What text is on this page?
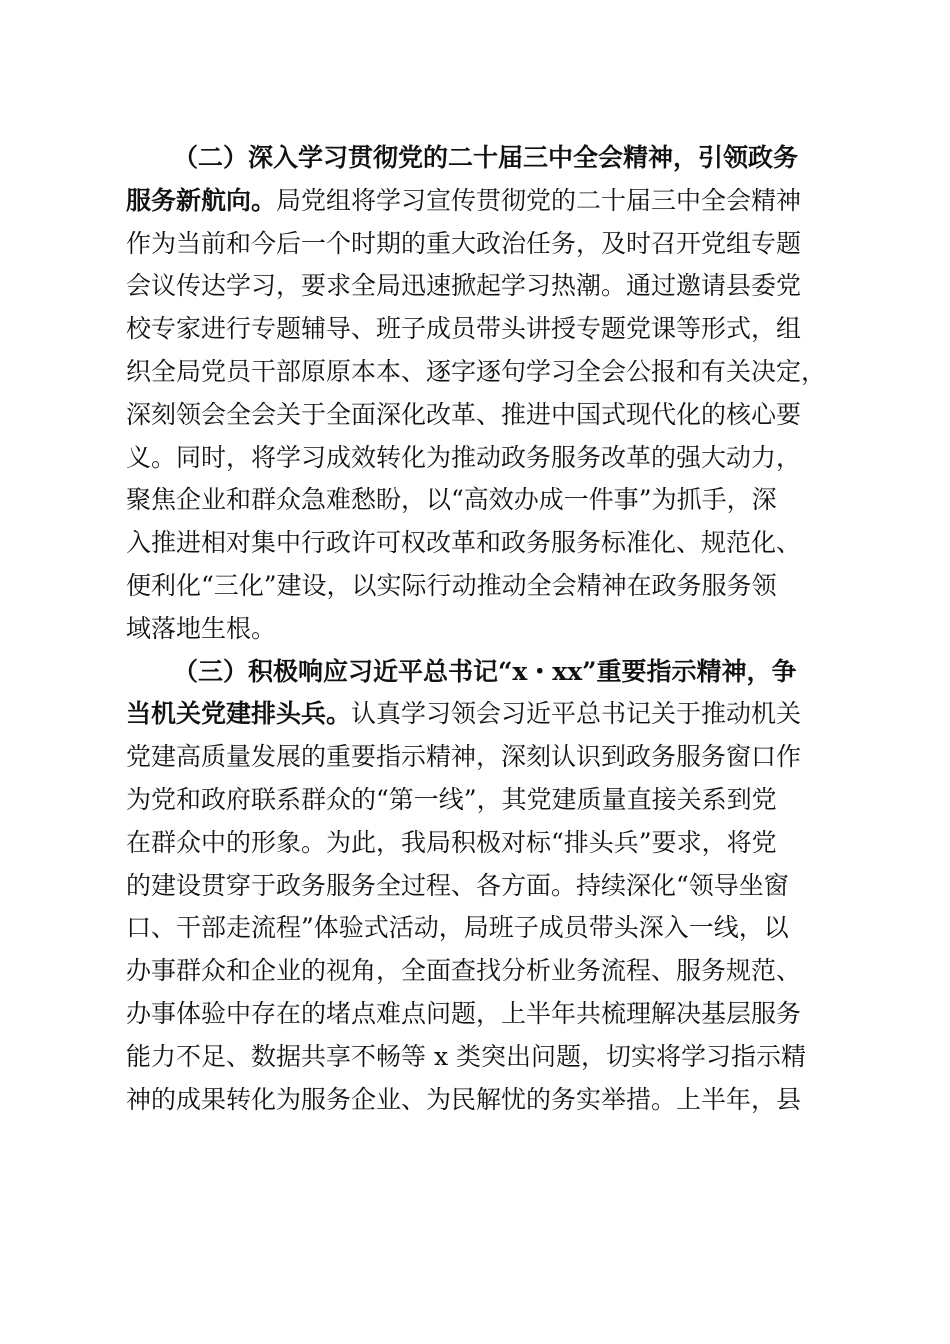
（二）深入学习贯彻党的二十届三中全会精神，引领政务
服务新航向。局党组将学习宣传贯彻党的二十届三中全会精神
作为当前和今后一个时期的重大政治任务，及时召开党组专题
会议传达学习，要求全局迅速掀起学习热潮。通过邀请县委党
校专家进行专题辅导、班子成员带头讲授专题党课等形式，组
织全局党员干部原原本本、逐字逐句学习全会公报和有关决定，
深刻领会全会关于全面深化改革、推进中国式现代化的核心要
义。同时，将学习成效转化为推动政务服务改革的强大动力，
聚焦企业和群众急难愁盼，以“高效办成一件事”为抓手，深
入推进相对集中行政许可权改革和政务服务标准化、规范化、
便利化“三化”建设，以实际行动推动全会精神在政务服务领
域落地生根。
（三）积极响应习近平总书记“x・xx”重要指示精神，争
当机关党建排头兵。认真学习领会习近平总书记关于推动机关
党建高质量发展的重要指示精神，深刻认识到政务服务窗口作
为党和政府联系群众的“第一线”，其党建质量直接关系到党
在群众中的形象。为此，我局积极对标“排头兵”要求，将党
的建设贯穿于政务服务全过程、各方面。持续深化“领导坐窗
口、干部走流程”体验式活动，局班子成员带头深入一线，以
办事群众和企业的视角，全面查找分析业务流程、服务规范、
办事体验中存在的堵点难点问题，上半年共梳理解决基层服务
能力不足、数据共享不畅等 x 类突出问题，切实将学习指示精
神的成果转化为服务企业、为民解忧的务实举措。上半年，县
